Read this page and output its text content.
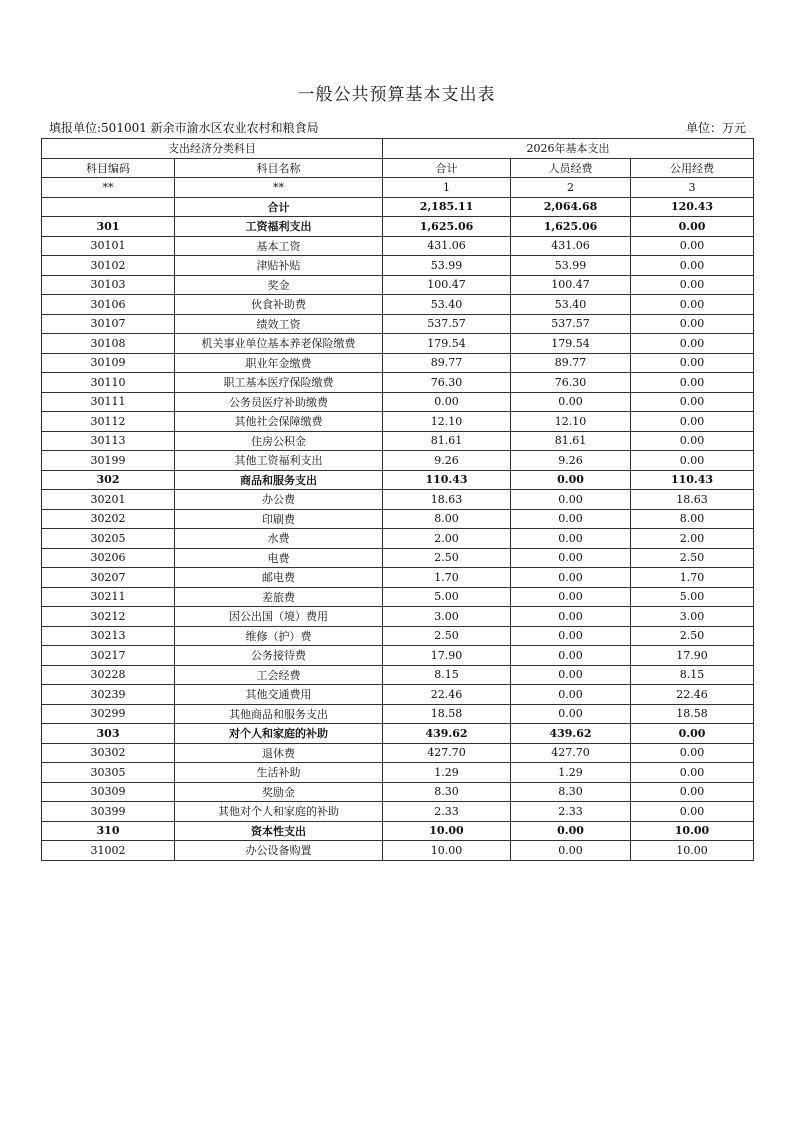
一般公共预算基本支出表
填报单位:501001 新余市渝水区农业农村和粮食局	单位：万元
支出经济分类科目		2026年基本支出		
科目编码	科目名称	合计	人员经费	公用经费
**	**	1	2	3
	合计	2,185.11	2,064.68	120.43
301	工资福利支出	1,625.06	1,625.06	0.00
30101	基本工资	431.06	431.06	0.00
30102	津贴补贴	53.99	53.99	0.00
30103	奖金	100.47	100.47	0.00
30106	伙食补助费	53.40	53.40	0.00
30107	绩效工资	537.57	537.57	0.00
30108	机关事业单位基本养老保险缴费	179.54	179.54	0.00
30109	职业年金缴费	89.77	89.77	0.00
30110	职工基本医疗保险缴费	76.30	76.30	0.00
30111	公务员医疗补助缴费	0.00	0.00	0.00
30112	其他社会保障缴费	12.10	12.10	0.00
30113	住房公积金	81.61	81.61	0.00
30199	其他工资福利支出	9.26	9.26	0.00
302	商品和服务支出	110.43	0.00	110.43
30201	办公费	18.63	0.00	18.63
30202	印刷费	8.00	0.00	8.00
30205	水费	2.00	0.00	2.00
30206	电费	2.50	0.00	2.50
30207	邮电费	1.70	0.00	1.70
30211	差旅费	5.00	0.00	5.00
30212	因公出国（境）费用	3.00	0.00	3.00
30213	维修（护）费	2.50	0.00	2.50
30217	公务接待费	17.90	0.00	17.90
30228	工会经费	8.15	0.00	8.15
30239	其他交通费用	22.46	0.00	22.46
30299	其他商品和服务支出	18.58	0.00	18.58
303	对个人和家庭的补助	439.62	439.62	0.00
30302	退休费	427.70	427.70	0.00
30305	生活补助	1.29	1.29	0.00
30309	奖励金	8.30	8.30	0.00
30399	其他对个人和家庭的补助	2.33	2.33	0.00
310	资本性支出	10.00	0.00	10.00
31002	办公设备购置	10.00	0.00	10.00
